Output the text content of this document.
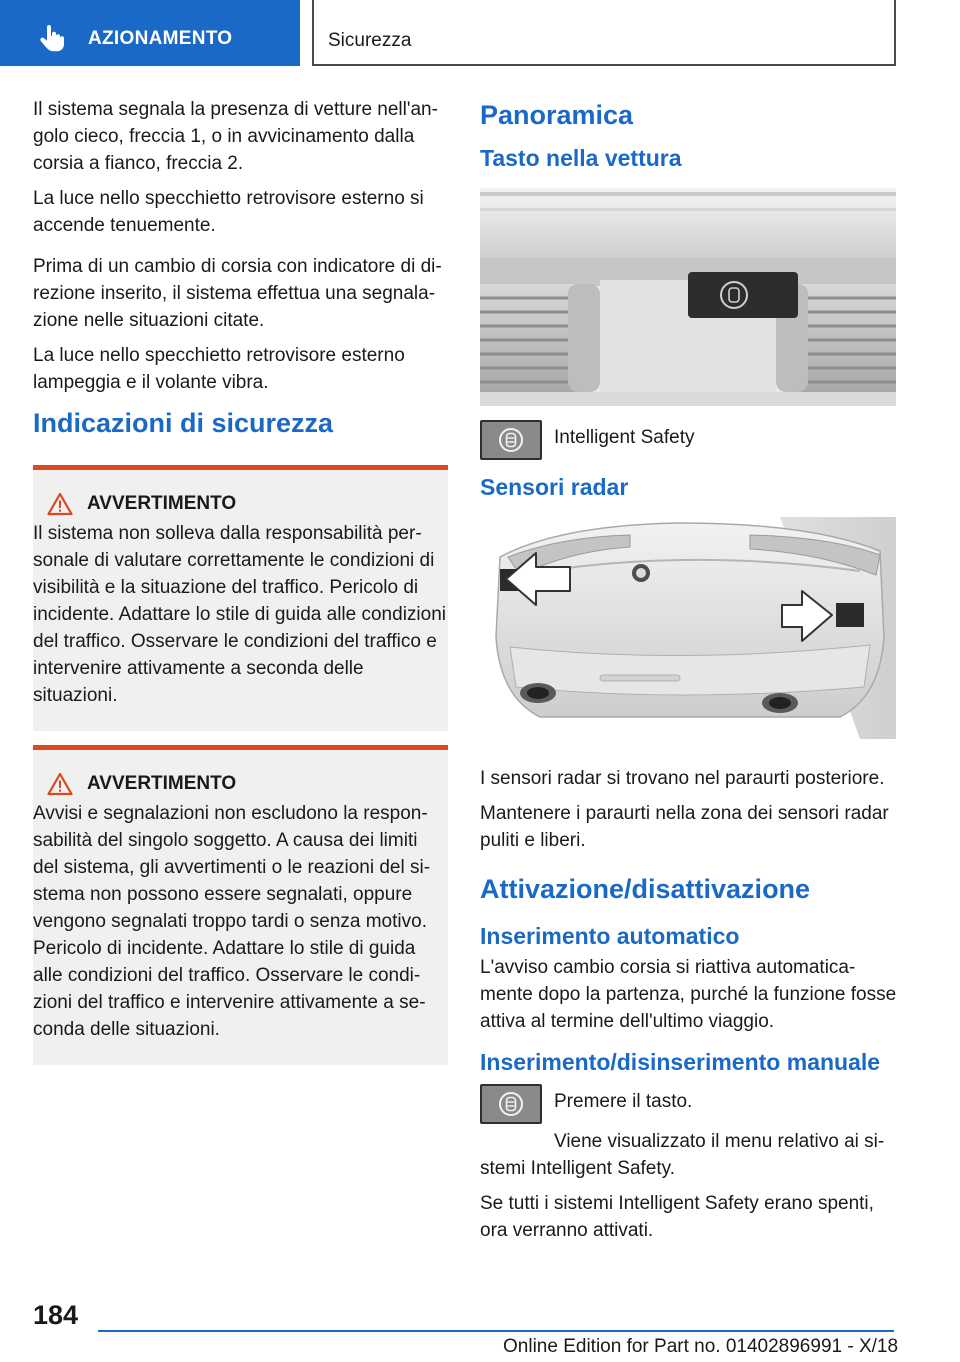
AZIONAMENTO	Sicurezza

Il sistema segnala la presenza di vetture nell'angolo cieco, freccia 1, o in avvicinamento dalla corsia a fianco, freccia 2.

La luce nello specchietto retrovisore esterno si accende tenuemente.

Prima di un cambio di corsia con indicatore di direzione inserito, il sistema effettua una segnalazione nelle situazioni citate.

La luce nello specchietto retrovisore esterno lampeggia e il volante vibra.

Indicazioni di sicurezza
AVVERTIMENTO

Il sistema non solleva dalla responsabilità personale di valutare correttamente le condizioni di visibilità e la situazione del traffico. Pericolo di incidente. Adattare lo stile di guida alle condizioni del traffico. Osservare le condizioni del traffico e intervenire attivamente a seconda delle situazioni.

AVVERTIMENTO

Avvisi e segnalazioni non escludono la responsabilità del singolo soggetto. A causa dei limiti del sistema, gli avvertimenti o le reazioni del sistema non possono essere segnalati, oppure vengono segnalati troppo tardi o senza motivo. Pericolo di incidente. Adattare lo stile di guida alle condizioni del traffico. Osservare le condizioni del traffico e intervenire attivamente a seconda delle situazioni.

Panoramica
Tasto nella vettura
Intelligent Safety
Sensori radar

I sensori radar si trovano nel paraurti posteriore.

Mantenere i paraurti nella zona dei sensori radar puliti e liberi.

Attivazione/disattivazione
Inserimento automatico

L'avviso cambio corsia si riattiva automaticamente dopo la partenza, purché la funzione fosse attiva al termine dell'ultimo viaggio.

Inserimento/disinserimento manuale
Premere il tasto.

Viene visualizzato il menu relativo ai sistemi Intelligent Safety.

Se tutti i sistemi Intelligent Safety erano spenti, ora verranno attivati.

184
Online Edition for Part no. 01402896991 - X/18
